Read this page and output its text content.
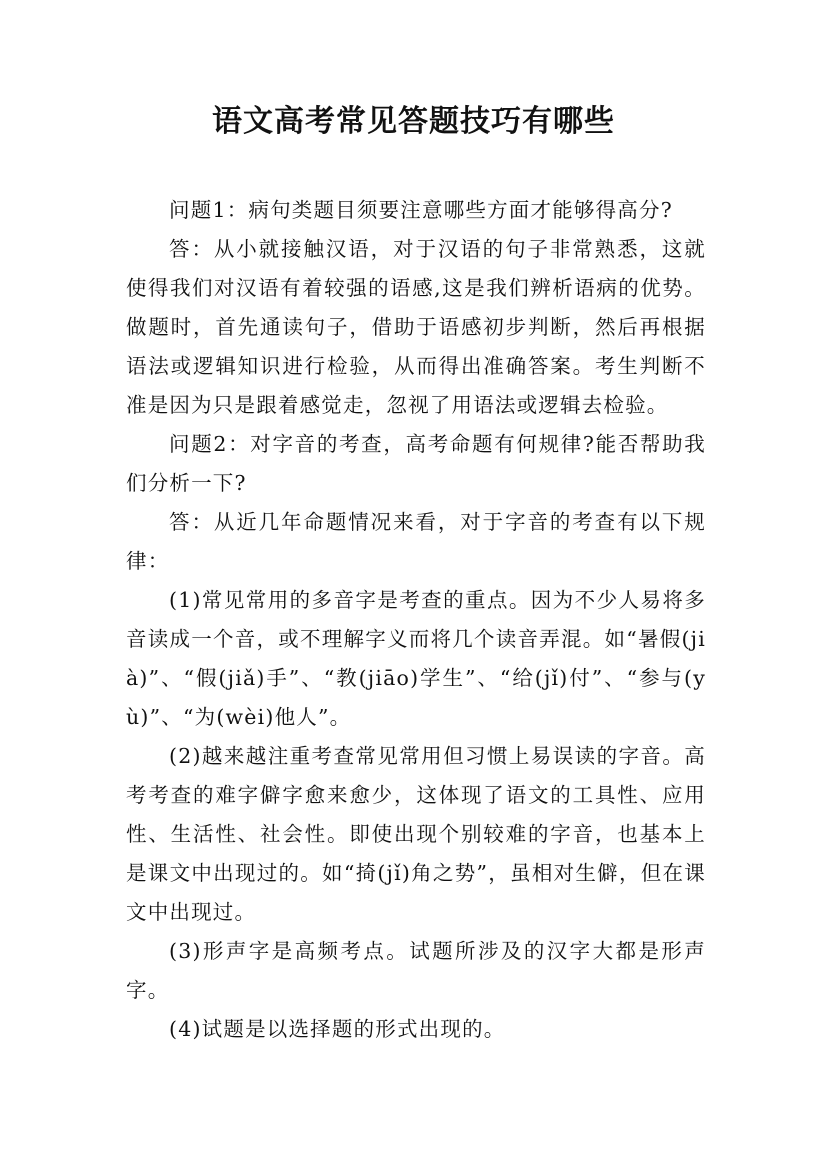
语文高考常见答题技巧有哪些

问题1：病句类题目须要注意哪些方面才能够得高分?

答：从小就接触汉语，对于汉语的句子非常熟悉，这就使得我们对汉语有着较强的语感,这是我们辨析语病的优势。做题时，首先通读句子，借助于语感初步判断，然后再根据语法或逻辑知识进行检验，从而得出准确答案。考生判断不准是因为只是跟着感觉走，忽视了用语法或逻辑去检验。

问题2：对字音的考查，高考命题有何规律?能否帮助我们分析一下?

答：从近几年命题情况来看，对于字音的考查有以下规律：

(1)常见常用的多音字是考查的重点。因为不少人易将多音读成一个音，或不理解字义而将几个读音弄混。如“暑假(jià)”、“假(jiǎ)手”、“教(jiāo)学生”、“给(jǐ)付”、“参与(yù)”、“为(wèi)他人”。

(2)越来越注重考查常见常用但习惯上易误读的字音。高考考查的难字僻字愈来愈少，这体现了语文的工具性、应用性、生活性、社会性。即使出现个别较难的字音，也基本上是课文中出现过的。如“掎(jǐ)角之势”，虽相对生僻，但在课文中出现过。

(3)形声字是高频考点。试题所涉及的汉字大都是形声字。

(4)试题是以选择题的形式出现的。
